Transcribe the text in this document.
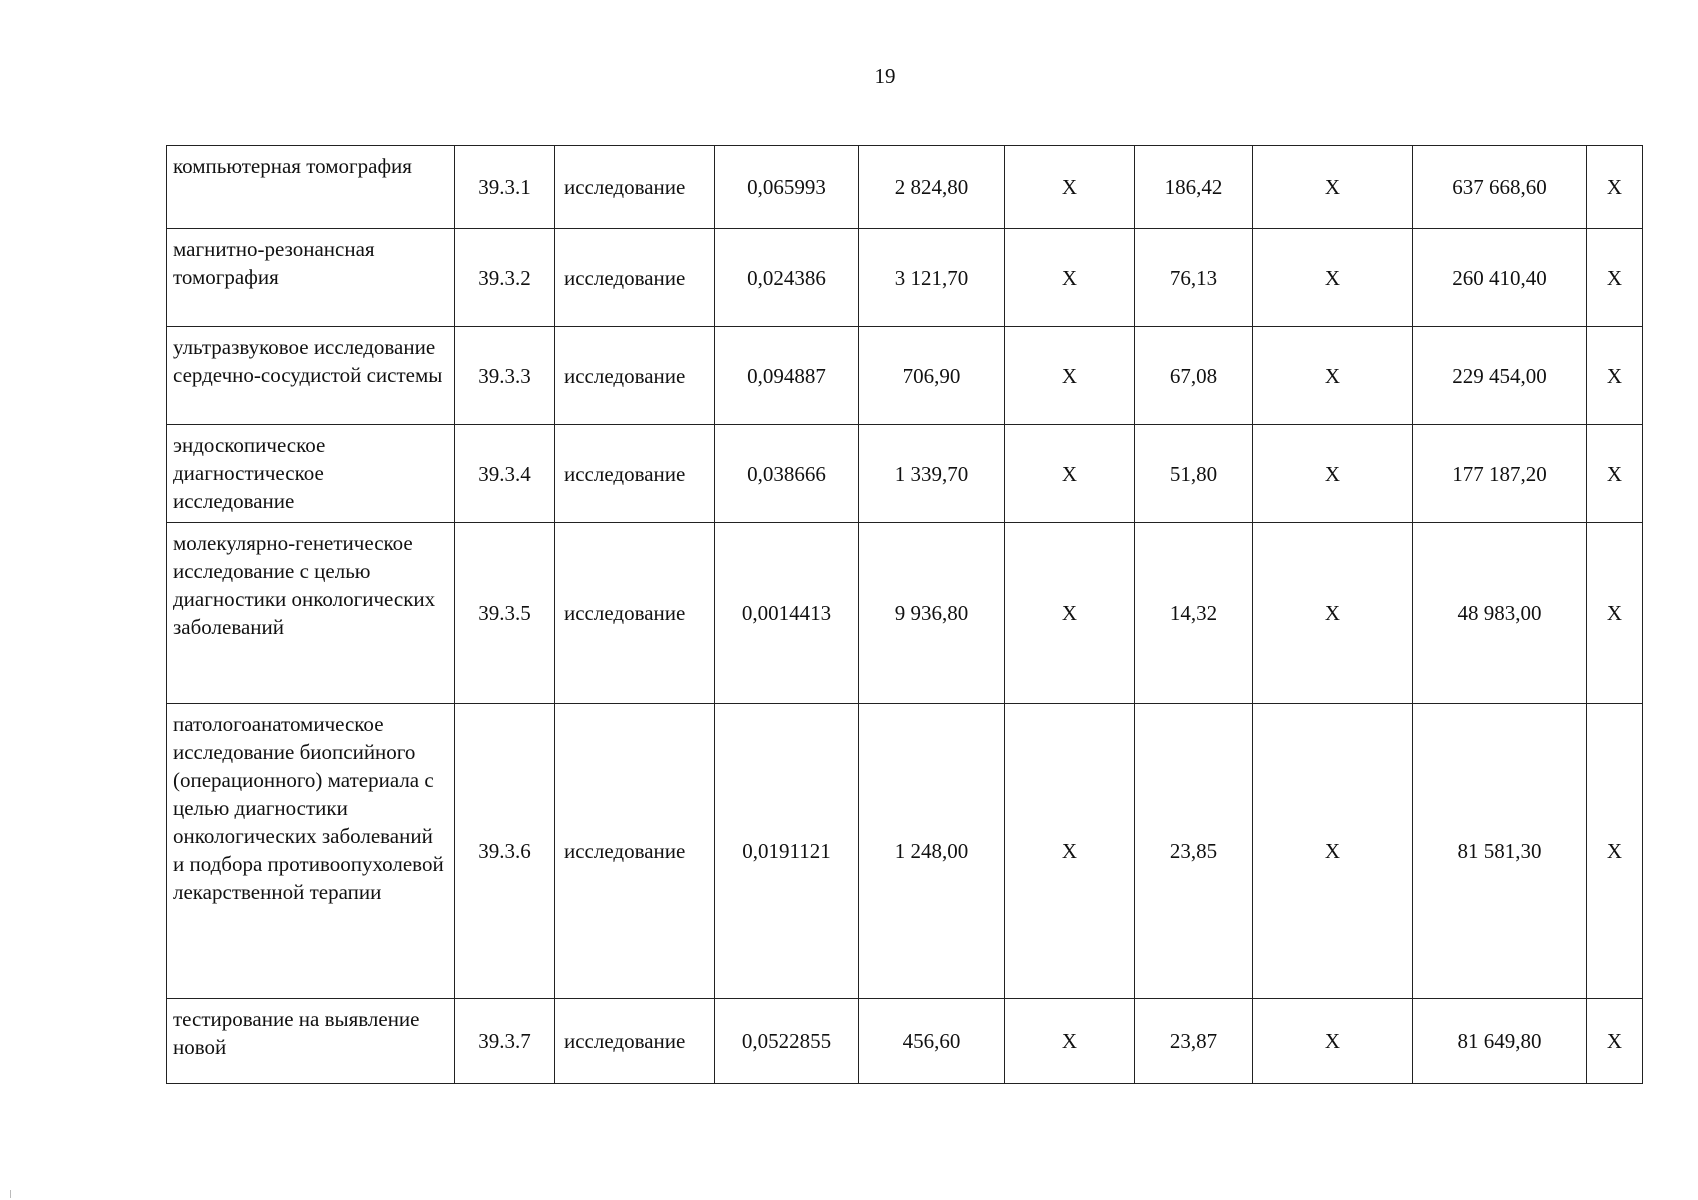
19
компьютерная томография	39.3.1	исследование	0,065993	2 824,80	Х	186,42	Х	637 668,60	Х
магнитно-резонансная томография	39.3.2	исследование	0,024386	3 121,70	Х	76,13	Х	260 410,40	Х
ультразвуковое исследование сердечно-сосудистой системы	39.3.3	исследование	0,094887	706,90	Х	67,08	Х	229 454,00	Х
эндоскопическое диагностическое исследование	39.3.4	исследование	0,038666	1 339,70	Х	51,80	Х	177 187,20	Х
молекулярно-генетическое исследование с целью диагностики онкологических заболеваний	39.3.5	исследование	0,0014413	9 936,80	Х	14,32	Х	48 983,00	Х
патологоанатомическое исследование биопсийного (операционного) материала с целью диагностики онкологических заболеваний и подбора противоопухолевой лекарственной терапии	39.3.6	исследование	0,0191121	1 248,00	Х	23,85	Х	81 581,30	Х
тестирование на выявление новой	39.3.7	исследование	0,0522855	456,60	Х	23,87	Х	81 649,80	Х
